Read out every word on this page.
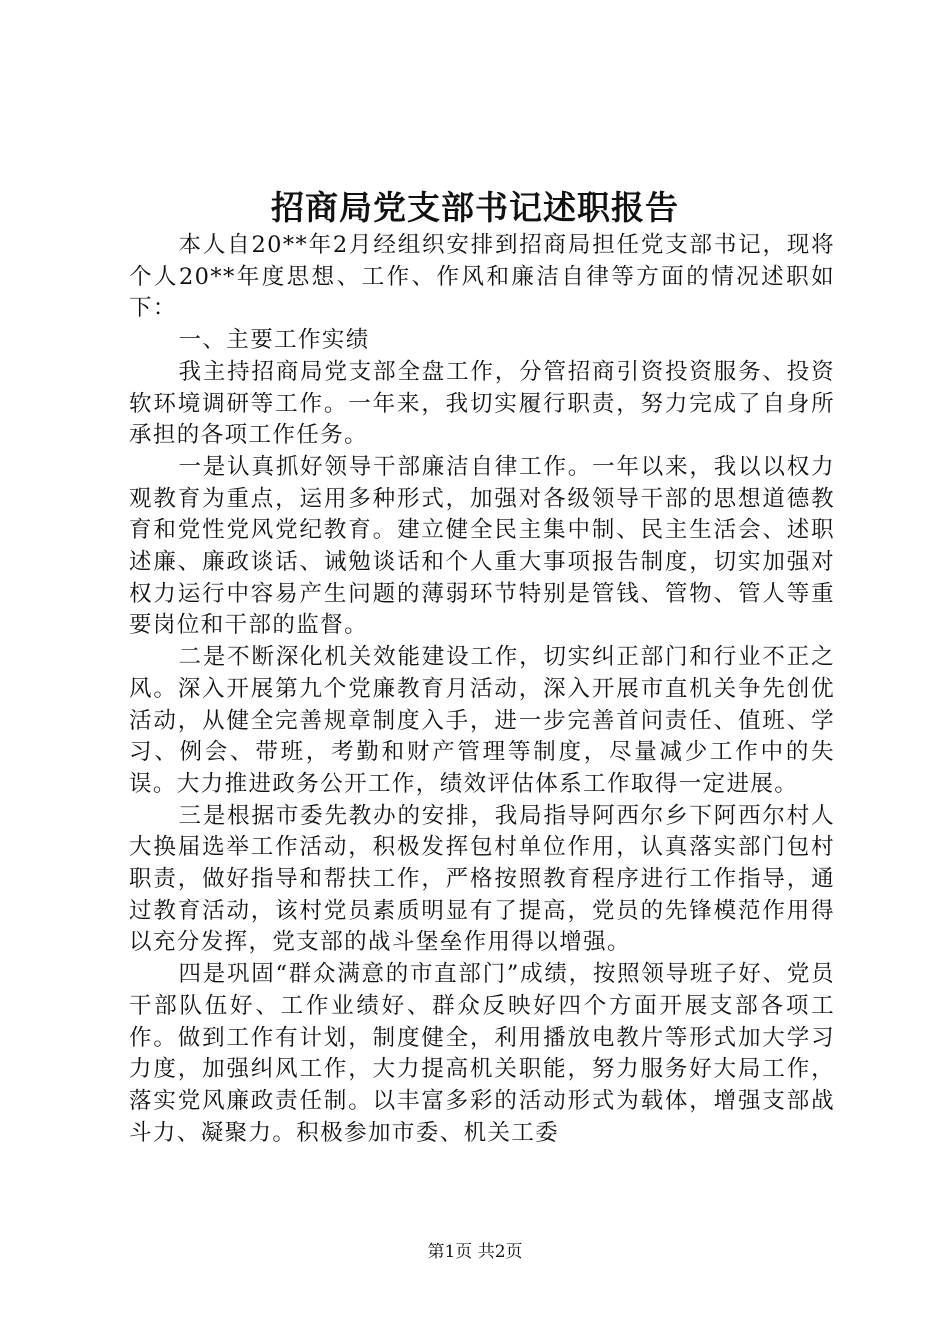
招商局党支部书记述职报告

本人自20**年2月经组织安排到招商局担任党支部书记，现将个人20**年度思想、工作、作风和廉洁自律等方面的情况述职如下：

一、主要工作实绩

我主持招商局党支部全盘工作，分管招商引资投资服务、投资软环境调研等工作。一年来，我切实履行职责，努力完成了自身所承担的各项工作任务。

一是认真抓好领导干部廉洁自律工作。一年以来，我以以权力观教育为重点，运用多种形式，加强对各级领导干部的思想道德教育和党性党风党纪教育。建立健全民主集中制、民主生活会、述职述廉、廉政谈话、诫勉谈话和个人重大事项报告制度，切实加强对权力运行中容易产生问题的薄弱环节特别是管钱、管物、管人等重要岗位和干部的监督。

二是不断深化机关效能建设工作，切实纠正部门和行业不正之风。深入开展第九个党廉教育月活动，深入开展市直机关争先创优活动，从健全完善规章制度入手，进一步完善首问责任、值班、学习、例会、带班，考勤和财产管理等制度，尽量减少工作中的失误。大力推进政务公开工作，绩效评估体系工作取得一定进展。

三是根据市委先教办的安排，我局指导阿西尔乡下阿西尔村人大换届选举工作活动，积极发挥包村单位作用，认真落实部门包村职责，做好指导和帮扶工作，严格按照教育程序进行工作指导，通过教育活动，该村党员素质明显有了提高，党员的先锋模范作用得以充分发挥，党支部的战斗堡垒作用得以增强。

四是巩固“群众满意的市直部门”成绩，按照领导班子好、党员干部队伍好、工作业绩好、群众反映好四个方面开展支部各项工作。做到工作有计划，制度健全，利用播放电教片等形式加大学习力度，加强纠风工作，大力提高机关职能，努力服务好大局工作，落实党风廉政责任制。以丰富多彩的活动形式为载体，增强支部战斗力、凝聚力。积极参加市委、机关工委

第1页 共2页
